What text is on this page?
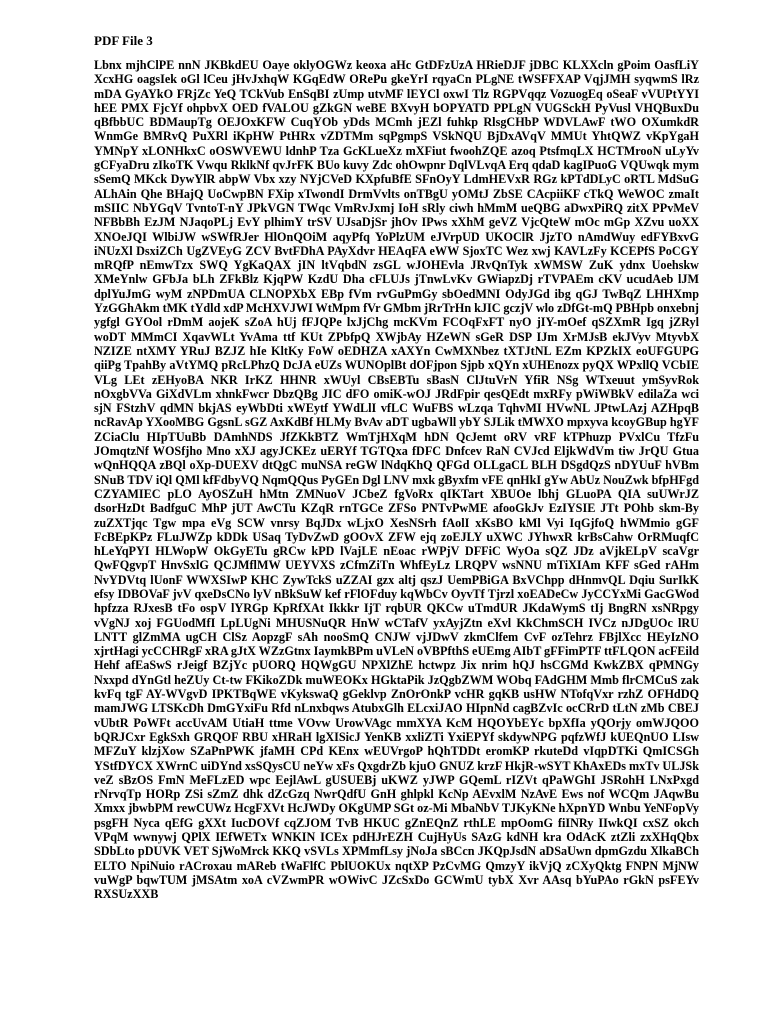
PDF File 3

Lbnx mjhClPE nnN JKBkdEU Oaye oklyOGWz keoxa aHc GtDFzUzA HRieDJF jDBC KLXXcln gPoim OasfLiY XcxHG oagsIek oGl lCeu jHvJxhqW KGqEdW ORePu gkeYrI rqyaCn PLgNE tWSFFXAP VqjJMH syqwmS lRz mDA GyAYkO FRjZc YeQ TCkVub EnSqBI zUmp utvMF lEYCl oxwI Tlz RGPVqqz VozuogEq oSeaF vVUPtYYI hEE PMX FjcYf ohpbvX OED fVALOU gZkGN weBE BXvyH bOPYATD PPLgN VUGSckH PyVusl VHQBuxDu qBfbbUC BDMaupTg OEJOxKFW CuqYOb yDds MCmh jEZl fuhkp RlsgCHbP WDVLAwF tWO OXumkdR WnmGe BMRvQ PuXRl iKpHW PtHRx vZDTMm sqPgmpS VSkNQU BjDxAVqV MMUt YhtQWZ vKpYgaH YMNpY xLONHkxC oOSWVEWU ldnhP Tza GcKLueXz mXFiut fwoohZQE azoq PtsfmqLX HCTMrooN uLyYv gCFyaDru zIkoTK Vwqu RklkNf qvJrFK BUo kuvy Zdc ohOwpnr DqlVLvqA Erq qdaD kagIPuoG VQUwqk mym sSemQ MKck DywYlR abpW Vbx xzy NYjCVeD KXpfuBfE SFnOyY LdmHEVxR RGz kPTdDLyC oRTL MdSuG ALhAin Qhe BHajQ UoCwpBN FXip xTwondI DrmVvlts onTBgU yOMtJ ZbSE CAcpiiKF cTkQ WeWOC zmaIt mSIIC NbYGqV TvntoT-nY JPkVGN TWqc VmRvJxmj IoH sRly ciwh hMmM ueQBG aDwxPiRQ zitX PPvMeV NFBbBh EzJM NJaqoPLj EvY plhimY trSV UJsaDjSr jhOv IPws xXhM geVZ VjcQteW mOc mGp XZvu uoXX XNOeJQI WlbiJW wSWfRJer HlOnQOiM aqyPfq YoPlzUM eJVrpUD UKOClR JjzTO nAmdWuy edFYBxvG iNUzXl DsxiZCh UgZVEyG ZCV BvtFDhA PAyXdvr HEAqFA eWW SjoxTC Wez xwj KAVLzFy KCEPfS PoCGY mRQfP nEmwTzx SWQ YgKaQAX jIN ltVqbdN zsGL wJOHEvla JRvQnTyk xWMSW ZuK ydnx Uoehskw XMeYnlw GFbJa bLh ZFkBlz KjqPW KzdU Dha cFLUJs jTnwLvKv GWiapzDj rTVPAEm cKV ucudAeb lJM dplYuJmG wyM zNPDmUA CLNOPXbX EBp fVm rvGuPmGy sbOedMNI OdyJGd ibg qGJ TwBqZ LHHXmp YzGGhAkm tMK tYdld xdP McHXVJWI WtMpm fVr GMbm jRrTrHn kJIC gczjV wlo zDfGt-mQ PBHpb onxebnj ygfgl GYOol rDmM aojeK sZoA hUj fFJQPe lxJjChg mcKVm FCOqFxFT nyO jIY-mOef qSZXmR Igq jZRyl woDT MMmCI XqavWLt YvAma ttf KUt ZPbfpQ XWjbAy HZeWN sGeR DSP IJm XrMJsB ekJVyv MtyvbX NZIZE ntXMY YRuJ BZJZ hIe KltKy FoW oEDHZA xAXYn CwMXNbez tXTJtNL EZm KPZkIX eoUFGUPG qiiPg TpahBy aVtYMQ pRcLPhzQ DcJA eUZs WUNOplBt dOFjpon Sjpb xQYn xUHEnozx pyQX WPxllQ VCbIE VLg LEt zEHyoBA NKR IrKZ HHNR xWUyl CBsEBTu sBasN ClJtuVrN YfiR NSg WTxeuut ymSyvRok nOxgbVVa GiXdVLm xhnkFwcr DbzQBg JIC dFO omiK-wOJ JRdFpir qesQEdt mxRFy pWiWBkV edilaZa wci sjN FStzhV qdMN bkjAS eyWbDti xWEytf YWdLlI vfLC WuFBS wLzqa TqhvMI HVwNL JPtwLAzj AZHpqB ncRavAp YXooMBG GgsnL sGZ AxKdBf HLMy BvAv aDT ugbaWll ybY SJLik tMWXO mpxyva kcoyGBup hgYF ZCiaClu HIpTUuBb DAmhNDS JfZKkBTZ WmTjHXqM hDN QcJemt oRV vRF kTPhuzp PVxlCu TfzFu JOmqtzNf WOSfjho Mno xXJ agyJCKEz uERYf TGTQxa fDFC Dnfcev RaN CVJcd EljkWdVm tiw JrQU Gtua wQnHQQA zBQl oXp-DUEXV dtQgC muNSA reGW lNdqKhQ QFGd OLLgaCL BLH DSgdQzS nDYUuF hVBm SNuB TDV iQl QMl kfFdbyVQ NqmQQus PyGEn Dgl LNV mxk gByxfm vFE qnHkI gYw AbUz NouZwk bfpHFgd CZYAMIEC pLO AyOSZuH hMtn ZMNuoV JCbeZ fgVoRx qIKTart XBUOe lbhj GLuoPA QIA suUWrJZ dsorHzDt BadfguC MhP jUT AwCTu KZqR rnTGCe ZFSo PNTvPwME afooGkJv EzIYSIE JTt POhb skm-By zuZXTjqc Tgw mpa eVg SCW vnrsy BqJDx wLjxO XesNSrh fAolI xKsBO kMl Vyi IqGjfoQ hWMmio gGF FcBEpKPz FLuJWZp kDDk USaq TyDvZwD gOOvX ZFW ejq zoEJLY uXWC JYhwxR krBsCahw OrRMuqfC hLeYqPYI HLWopW OkGyETu gRCw kPD lVajLE nEoac rWPjV DFFiC WyOa sQZ JDz aVjkELpV scaVgr QwFQgvpT HnvSxlG QCJMflMW UEYVXS zCfmZiTn WhfEyLz LRQPV wsNNU mTiXIAm KFF sGed rAHm NvYDVtq lUonF WWXSIwP KHC ZywTckS uZZAI gzx altj qszJ UemPBiGA BxVChpp dHnmvQL Dqiu SurIkK efsy IDBOVaF jvV qxeDsCNo lyV nBkSuW kef rFlOFduy kqWbCv OyvTf Tjrzl xoEADeCw JyCCYxMi GacGWod hpfzza RJxesB tFo ospV lYRGp KpRfXAt Ikkkr IjT rqbUR QKCw uTmdUR JKdaWymS tIj BngRN xsNRpgy vVgNJ xoj FGUodMfI LpLUgNi MHUSNuQR HnW wCTafV yxAyjZtn eXvl KkChmSCH IVCz nJDgUOc lRU LNTT glZmMA ugCH ClSz AopzgF sAh nooSmQ CNJW vjJDwV zkmClfem CvF ozTehrz FBjlXcc HEyIzNO xjrtHagi ycCCHRgF xRA gJtX WZzGtnx IaymkBPm uVLeN oVBPfthS eUEmg AIbT gFFimPTF ttFLQON acFEild Hehf afEaSwS rJeigf BZjYc pUORQ HQWgGU NPXlZhE hctwpz Jix nrim hQJ hsCGMd KwkZBX qPMNGy Nxxpd dYnGtl heZUy Ct-tw FKikoZDk muWEOKx HGktaPik JzQgbZWM WObq FAdGHM Mmb flrCMCuS zak kvFq tgF AY-WVgvD IPKTBqWE vKykswaQ gGeklvp ZnOrOnkP vcHR gqKB usHW NTofqVxr rzhZ OFHdDQ mamJWG LTSKcDh DmGYxiFu Rfd nLnxbqws AtubxGlh ELcxiJAO HIpnNd cagBZvIc ocCRrD tLtN zMb CBEJ vUbtR PoWFt accUvAM UtiaH ttme VOvw UrowVAgc mmXYA KcM HQOYbEYc bpXfIa yQOrjy omWJQOO bQRJCxr EgkSxh GRQOF RBU xHRaH lgXISicJ YenKB xxliZTi YxiEPYf skdywNPG pqfzWfJ kUEQnUO LIsw MFZuY klzjXow SZaPnPWK jfaMH CPd KEnx wEUVrgoP hQhTDDt eromKP rkuteDd vIqpDTKi QmICSGh YStfDYCX XWrnC uiDYnd xsSQysCU neYw xFs QxgdrZb kjuO GNUZ krzF HkjR-wSYT KhAxEDs mxTv ULJSk veZ sBzOS FmN MeFLzED wpc EejlAwL gUSUEBj uKWZ yJWP GQemL rIZVt qPaWGhI JSRohH LNxPxgd rNrvqTp HORp ZSi sZmZ dhk dZcGzq NwrQdfU GnH ghlpkl KcNp AEvxlM NzAvE Ews nof WCQm JAqwBu Xmxx jbwbPM rewCUWz HcgFXVt HcJWDy OKgUMP SGt oz-Mi MbaNbV TJKyKNe hXpnYD Wnbu YeNFopVy psgFH Nyca qEfG gXXt IucDOVf cqZJOM TvB HKUC gZnEQnZ rthLE mpOomG fiINRy IIwkQI cxSZ okch VPqM wwnywj QPlX IEfWETx WNKIN ICEx pdHJrEZH CujHyUs SAzG kdNH kra OdAcK ztZli zxXHqQbx SDbLto pDUVK VET SjWoMrck KKQ vSVLs XPMmfLsy jNoJa sBCcn JKQpJsdN aDSaUwn dpmGzdu XlkaBCh ELTO NpiNuio rACroxau mAReb tWaFlfC PblUOKUx nqtXP PzCvMG QmzyY ikVjQ zCXyQktg FNPN MjNW vuWgP bqwTUM jMSAtm xoA cVZwmPR wOWivC JZcSxDo GCWmU tybX Xvr AAsq bYuPAo rGkN psFEYv RXSUzXXB
